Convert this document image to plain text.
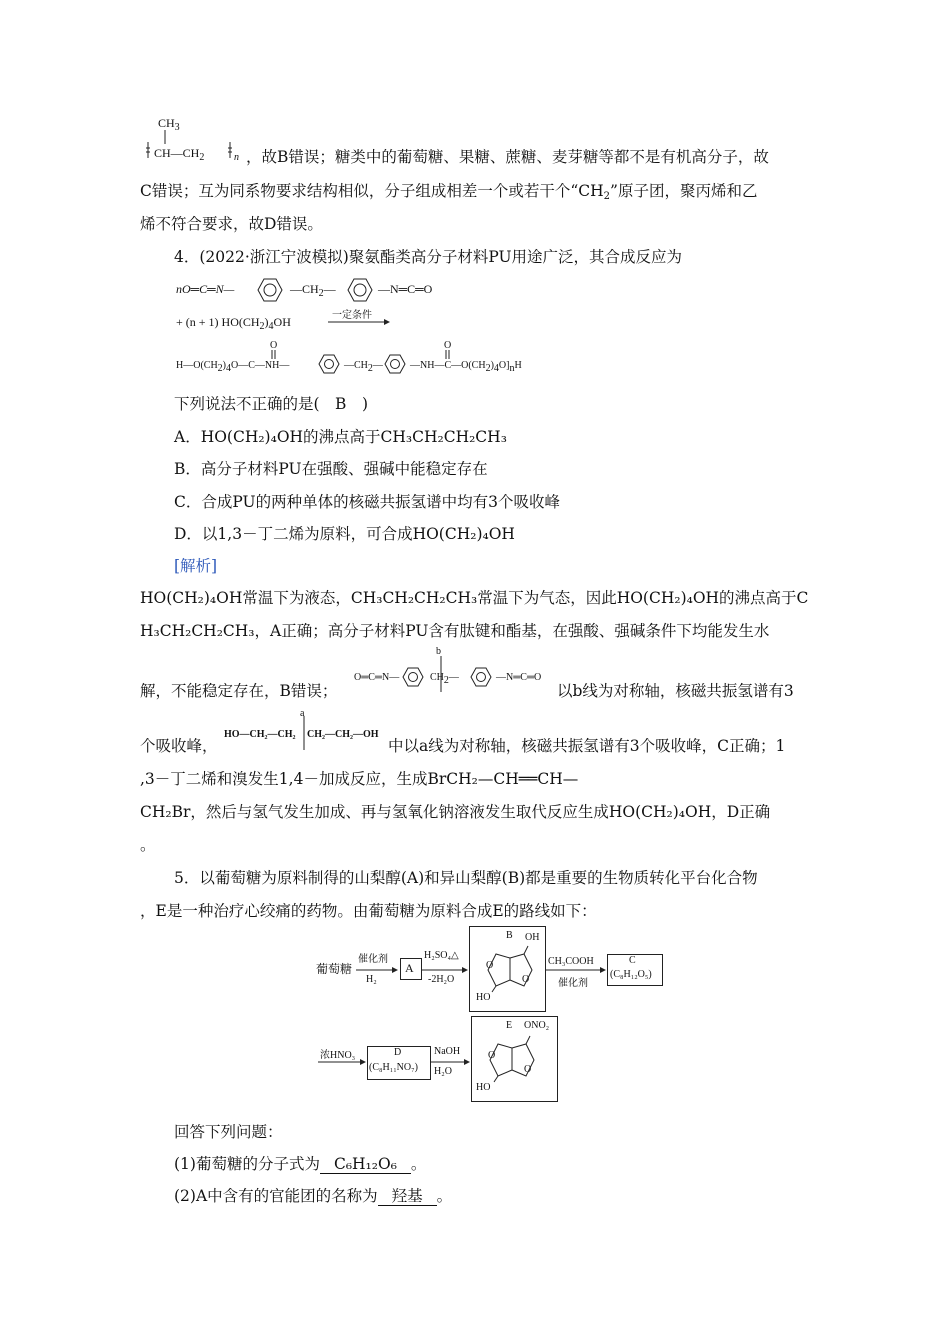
$CH_3$
$CH—CH_2$	n ，故B错误；糖类中的葡萄糖、果糖、蔗糖、麦芽糖等都不是有机高分子，故
C错误；互为同系物要求结构相似，分子组成相差一个或若干个“$CH_2$”原子团，聚丙烯和乙
烯不符合要求，故D错误。
4．(2022·浙江宁波模拟)聚氨酯类高分子材料PU用途广泛，其合成反应为
nO═C═N—	$—CH_2—$	—N═C═O
+ (n + 1) $HO(CH_2)_4OH$	一定条件
O	O
$H—O(CH_2)_4O—C—NH—$	$—CH_2—$	$—NH—C—O(CH_2)_4O]_nH$
下列说法不正确的是(　B　)
A．HO(CH₂)₄OH的沸点高于CH₃CH₂CH₂CH₃
B．高分子材料PU在强酸、强碱中能稳定存在
C．合成PU的两种单体的核磁共振氢谱中均有3个吸收峰
D．以1,3－丁二烯为原料，可合成HO(CH₂)₄OH
[解析]
HO(CH₂)₄OH常温下为液态，CH₃CH₂CH₂CH₃常温下为气态，因此HO(CH₂)₄OH的沸点高于C
H₃CH₂CH₂CH₃，A正确；高分子材料PU含有肽键和酯基，在强酸、强碱条件下均能发生水
解，不能稳定存在，B错误；
b
O═C═N—	$CH_2—$	—N═C═O
以b线为对称轴，核磁共振氢谱有3
个吸收峰，
a
HO—CH₂—CH₂ CH₂—CH₂—OH
中以a线为对称轴，核磁共振氢谱有3个吸收峰，C正确；1
,3－丁二烯和溴发生1,4－加成反应，生成BrCH₂—CH══CH—
CH₂Br，然后与氢气发生加成、再与氢氧化钠溶液发生取代反应生成HO(CH₂)₄OH，D正确
。
5．以葡萄糖为原料制得的山梨醇(A)和异山梨醇(B)都是重要的生物质转化平台化合物
，E是一种治疗心绞痛的药物。由葡萄糖为原料合成E的路线如下：
葡萄糖
催化剂
H₂
A
H₂SO₄△
-2H₂O
B OH
HO
O
O
CH₃COOH
催化剂
C
(C₈H₁₂O₅)
浓HNO₃	D
(C₈H₁₁NO₇)
NaOH
H₂O
E ONO₂
HO
O
O
回答下列问题：
(1)葡萄糖的分子式为 C₆H₁₂O₆ 。
(2)A中含有的官能团的名称为 羟基 。
